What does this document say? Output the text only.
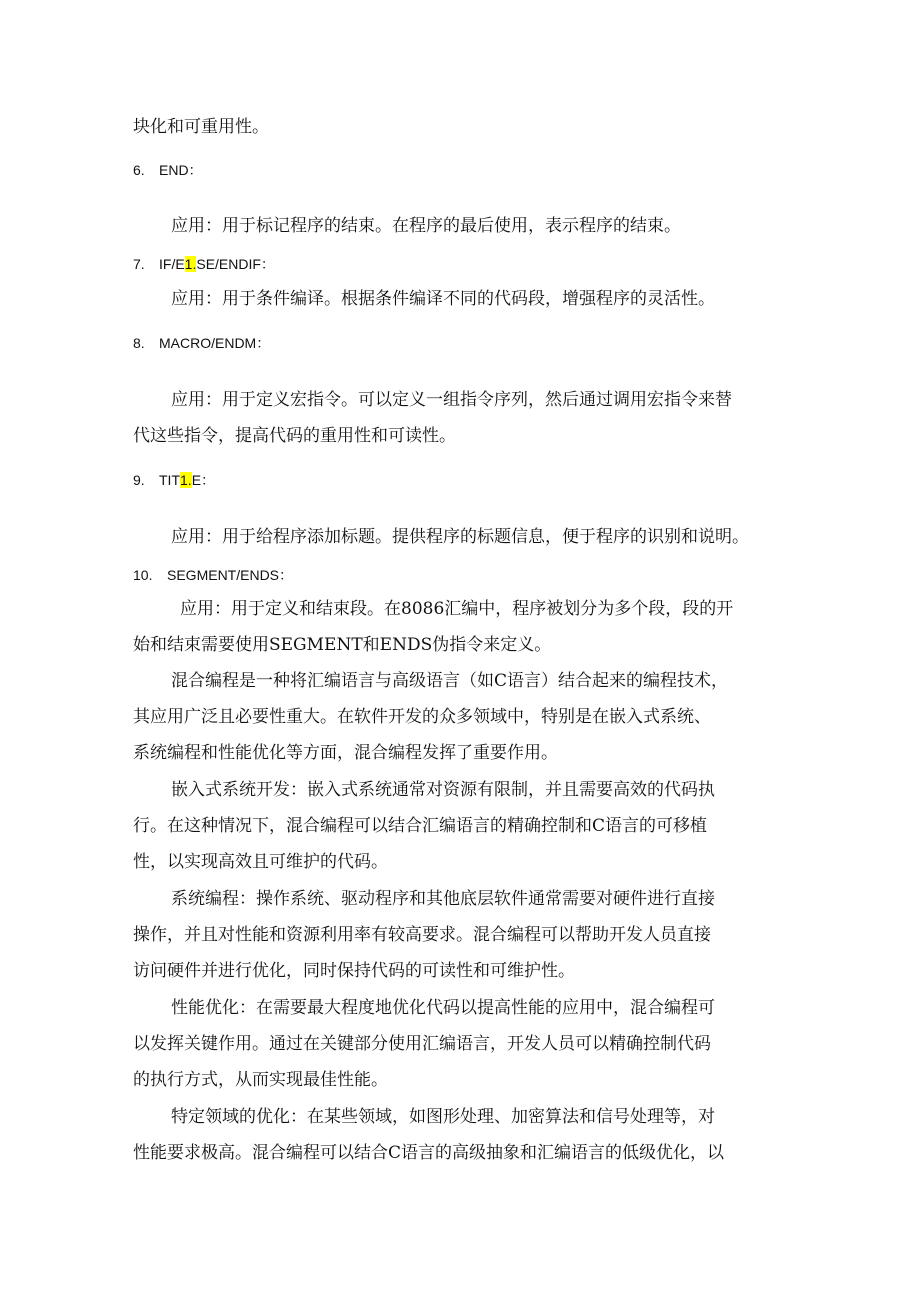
块化和可重用性。
6. END：
应用：用于标记程序的结束。在程序的最后使用，表示程序的结束。
7. IF/E1.SE/ENDIF：
应用：用于条件编译。根据条件编译不同的代码段，增强程序的灵活性。
8. MACRO/ENDM：
应用：用于定义宏指令。可以定义一组指令序列，然后通过调用宏指令来替
代这些指令，提高代码的重用性和可读性。
9. TIT1.E：
应用：用于给程序添加标题。提供程序的标题信息，便于程序的识别和说明。
10. SEGMENT/ENDS：
应用：用于定义和结束段。在8086汇编中，程序被划分为多个段，段的开
始和结束需要使用SEGMENT和ENDS伪指令来定义。
混合编程是一种将汇编语言与高级语言（如C语言）结合起来的编程技术，
其应用广泛且必要性重大。在软件开发的众多领域中，特别是在嵌入式系统、
系统编程和性能优化等方面，混合编程发挥了重要作用。
嵌入式系统开发：嵌入式系统通常对资源有限制，并且需要高效的代码执
行。在这种情况下，混合编程可以结合汇编语言的精确控制和C语言的可移植
性，以实现高效且可维护的代码。
系统编程：操作系统、驱动程序和其他底层软件通常需要对硬件进行直接
操作，并且对性能和资源利用率有较高要求。混合编程可以帮助开发人员直接
访问硬件并进行优化，同时保持代码的可读性和可维护性。
性能优化：在需要最大程度地优化代码以提高性能的应用中，混合编程可
以发挥关键作用。通过在关键部分使用汇编语言，开发人员可以精确控制代码
的执行方式，从而实现最佳性能。
特定领域的优化：在某些领域，如图形处理、加密算法和信号处理等，对
性能要求极高。混合编程可以结合C语言的高级抽象和汇编语言的低级优化，以
